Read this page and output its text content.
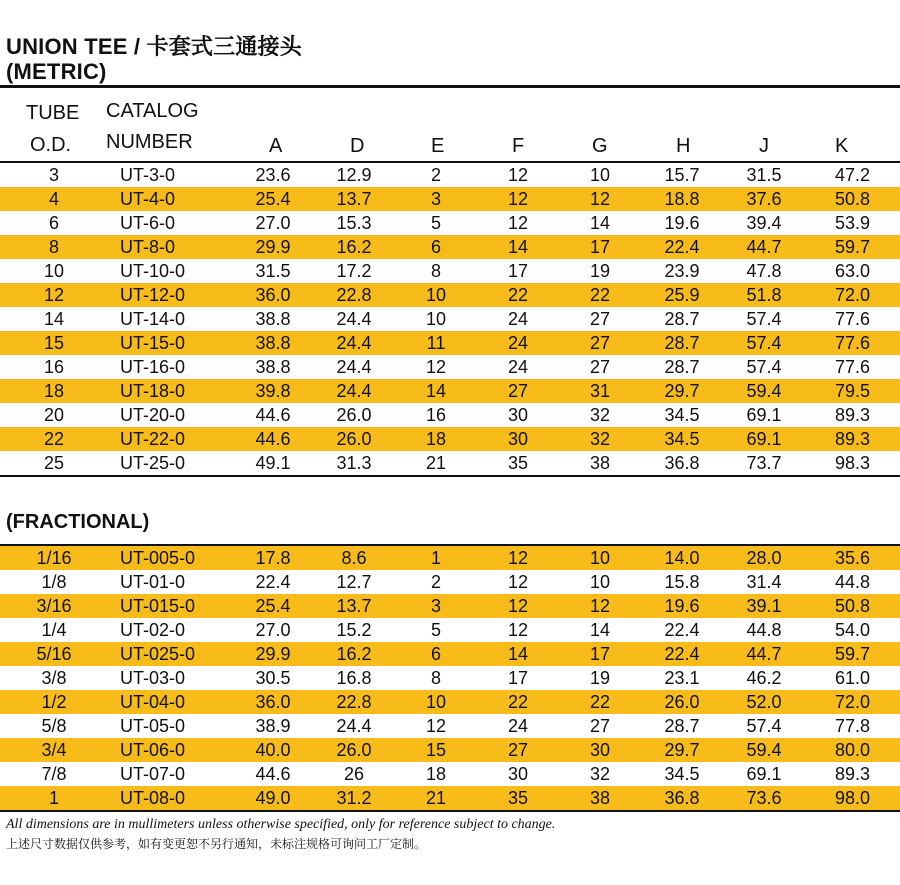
UNION TEE / 卡套式三通接头
(METRIC)
TUBE
O.D.
CATALOG
NUMBER	A	D	E	F	G	H	J	K
3	UT-3-0	23.6	12.9	2	12	10	15.7	31.5	47.2
4	UT-4-0	25.4	13.7	3	12	12	18.8	37.6	50.8
6	UT-6-0	27.0	15.3	5	12	14	19.6	39.4	53.9
8	UT-8-0	29.9	16.2	6	14	17	22.4	44.7	59.7
10	UT-10-0	31.5	17.2	8	17	19	23.9	47.8	63.0
12	UT-12-0	36.0	22.8	10	22	22	25.9	51.8	72.0
14	UT-14-0	38.8	24.4	10	24	27	28.7	57.4	77.6
15	UT-15-0	38.8	24.4	11	24	27	28.7	57.4	77.6
16	UT-16-0	38.8	24.4	12	24	27	28.7	57.4	77.6
18	UT-18-0	39.8	24.4	14	27	31	29.7	59.4	79.5
20	UT-20-0	44.6	26.0	16	30	32	34.5	69.1	89.3
22	UT-22-0	44.6	26.0	18	30	32	34.5	69.1	89.3
25	UT-25-0	49.1	31.3	21	35	38	36.8	73.7	98.3
(FRACTIONAL)
1/16	UT-005-0	17.8	8.6	1	12	10	14.0	28.0	35.6
1/8	UT-01-0	22.4	12.7	2	12	10	15.8	31.4	44.8
3/16	UT-015-0	25.4	13.7	3	12	12	19.6	39.1	50.8
1/4	UT-02-0	27.0	15.2	5	12	14	22.4	44.8	54.0
5/16	UT-025-0	29.9	16.2	6	14	17	22.4	44.7	59.7
3/8	UT-03-0	30.5	16.8	8	17	19	23.1	46.2	61.0
1/2	UT-04-0	36.0	22.8	10	22	22	26.0	52.0	72.0
5/8	UT-05-0	38.9	24.4	12	24	27	28.7	57.4	77.8
3/4	UT-06-0	40.0	26.0	15	27	30	29.7	59.4	80.0
7/8	UT-07-0	44.6	26	18	30	32	34.5	69.1	89.3
1	UT-08-0	49.0	31.2	21	35	38	36.8	73.6	98.0
All dimensions are in mullimeters unless otherwise specified, only for reference subject to change.
上述尺寸数据仅供参考，如有变更恕不另行通知，未标注规格可询问工厂定制。
